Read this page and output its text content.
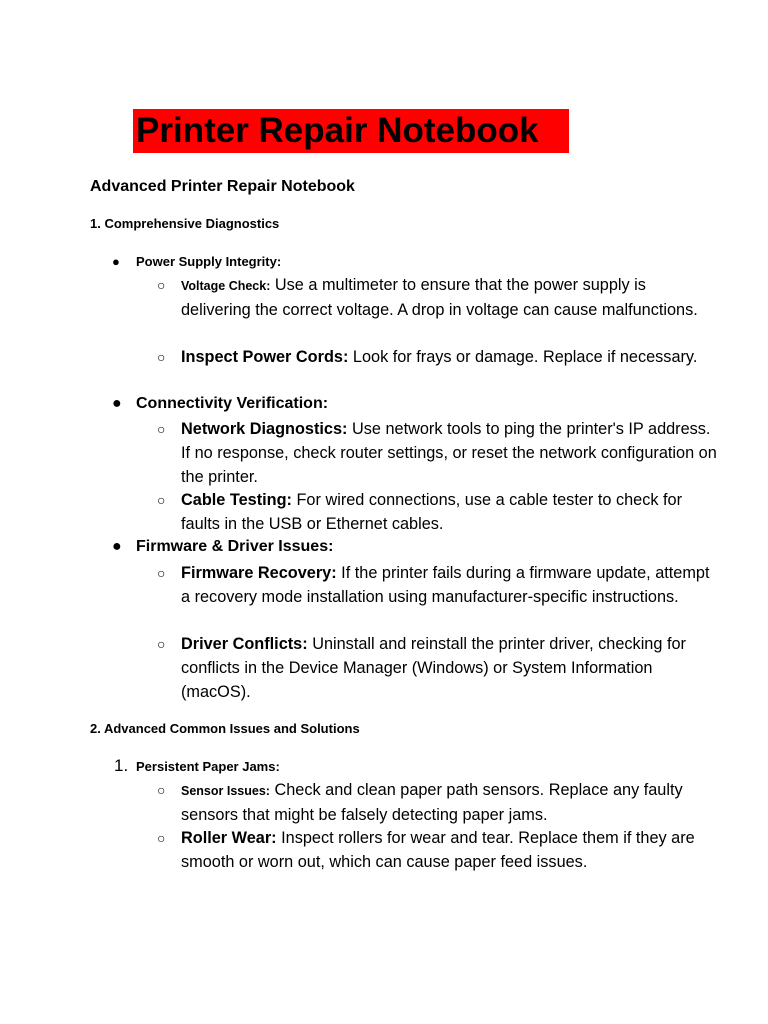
Printer Repair Notebook
Advanced Printer Repair Notebook
1. Comprehensive Diagnostics
● Power Supply Integrity:
○ Voltage Check: Use a multimeter to ensure that the power supply is delivering the correct voltage. A drop in voltage can cause malfunctions.
○ Inspect Power Cords: Look for frays or damage. Replace if necessary.
● Connectivity Verification:
○ Network Diagnostics: Use network tools to ping the printer's IP address. If no response, check router settings, or reset the network configuration on the printer.
○ Cable Testing: For wired connections, use a cable tester to check for faults in the USB or Ethernet cables.
● Firmware & Driver Issues:
○ Firmware Recovery: If the printer fails during a firmware update, attempt a recovery mode installation using manufacturer-specific instructions.
○ Driver Conflicts: Uninstall and reinstall the printer driver, checking for conflicts in the Device Manager (Windows) or System Information (macOS).
2. Advanced Common Issues and Solutions
1. Persistent Paper Jams:
○ Sensor Issues: Check and clean paper path sensors. Replace any faulty sensors that might be falsely detecting paper jams.
○ Roller Wear: Inspect rollers for wear and tear. Replace them if they are smooth or worn out, which can cause paper feed issues.
